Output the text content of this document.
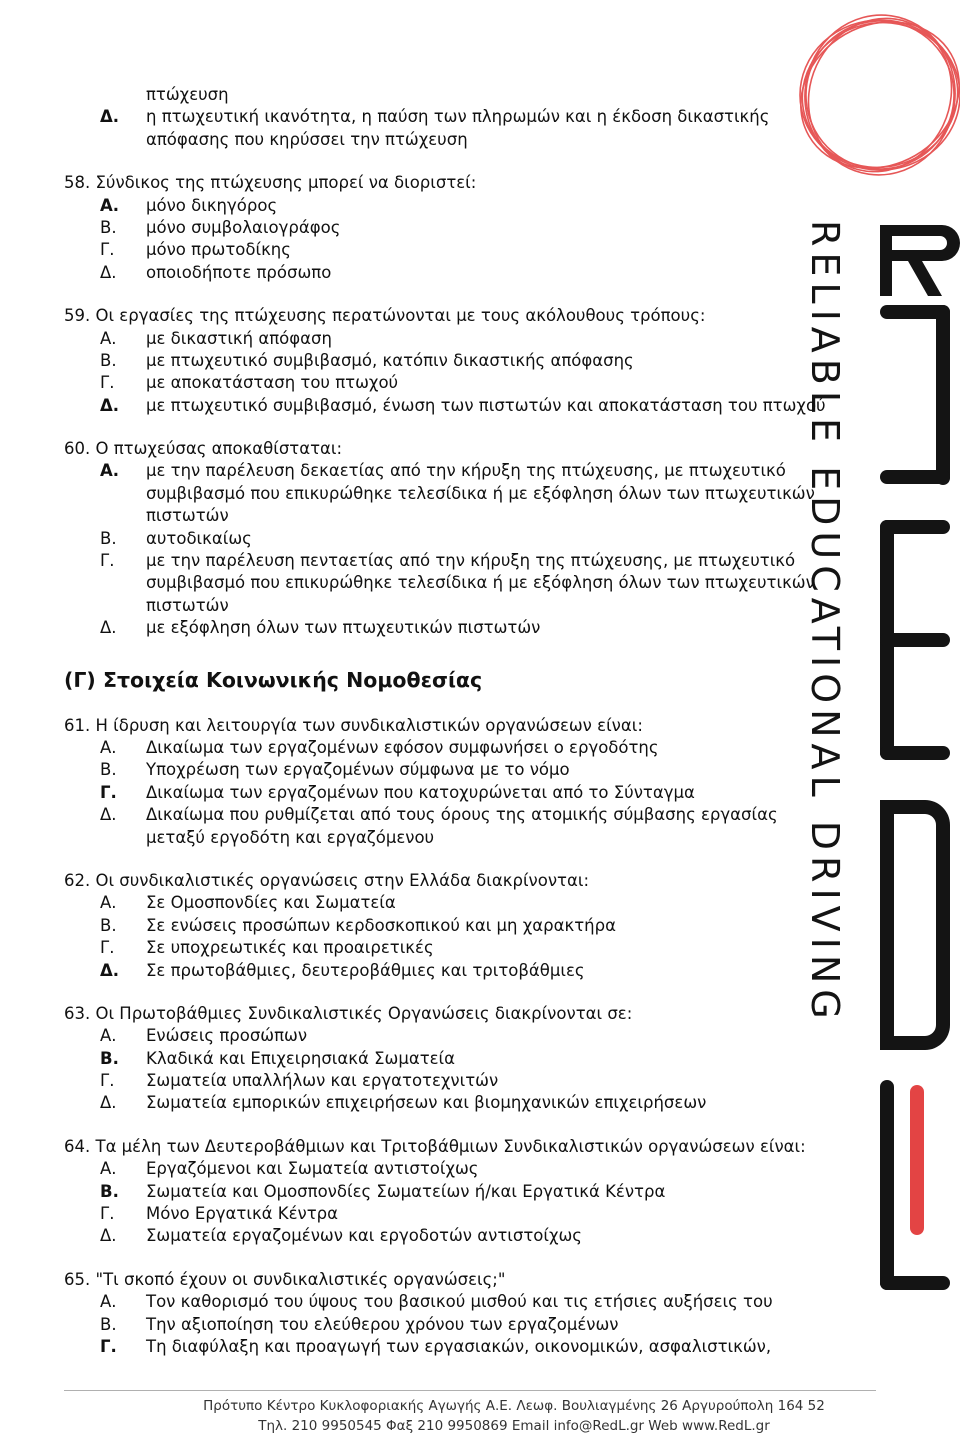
RELIABLE EDUCATIONAL DRIVING
πτώχευση
Δ. η πτωχευτική ικανότητα, η παύση των πληρωμών και η έκδοση δικαστικής
απόφασης που κηρύσσει την πτώχευση
58. Σύνδικος της πτώχευσης μπορεί να διοριστεί:
Α. μόνο δικηγόρος
Β. μόνο συμβολαιογράφος
Γ. μόνο πρωτοδίκης
Δ. οποιοδήποτε πρόσωπο
59. Οι εργασίες της πτώχευσης περατώνονται με τους ακόλουθους τρόπους:
Α. με δικαστική απόφαση
Β. με πτωχευτικό συμβιβασμό, κατόπιν δικαστικής απόφασης
Γ. με αποκατάσταση του πτωχού
Δ. με πτωχευτικό συμβιβασμό, ένωση των πιστωτών και αποκατάσταση του πτωχού
60. Ο πτωχεύσας αποκαθίσταται:
Α. με την παρέλευση δεκαετίας από την κήρυξη της πτώχευσης, με πτωχευτικό
συμβιβασμό που επικυρώθηκε τελεσίδικα ή με εξόφληση όλων των πτωχευτικών
πιστωτών
Β. αυτοδικαίως
Γ. με την παρέλευση πενταετίας από την κήρυξη της πτώχευσης, με πτωχευτικό
συμβιβασμό που επικυρώθηκε τελεσίδικα ή με εξόφληση όλων των πτωχευτικών
πιστωτών
Δ. με εξόφληση όλων των πτωχευτικών πιστωτών
(Γ) Στοιχεία Κοινωνικής Νομοθεσίας
61. Η ίδρυση και λειτουργία των συνδικαλιστικών οργανώσεων είναι:
Α. Δικαίωμα των εργαζομένων εφόσον συμφωνήσει ο εργοδότης
Β. Υποχρέωση των εργαζομένων σύμφωνα με το νόμο
Γ. Δικαίωμα των εργαζομένων που κατοχυρώνεται από το Σύνταγμα
Δ. Δικαίωμα που ρυθμίζεται από τους όρους της ατομικής σύμβασης εργασίας
μεταξύ εργοδότη και εργαζόμενου
62. Οι συνδικαλιστικές οργανώσεις στην Ελλάδα διακρίνονται:
Α. Σε Ομοσπονδίες και Σωματεία
Β. Σε ενώσεις προσώπων κερδοσκοπικού και μη χαρακτήρα
Γ. Σε υποχρεωτικές και προαιρετικές
Δ. Σε πρωτοβάθμιες, δευτεροβάθμιες και τριτοβάθμιες
63. Οι Πρωτοβάθμιες Συνδικαλιστικές Οργανώσεις διακρίνονται σε:
Α. Ενώσεις προσώπων
Β. Κλαδικά και Επιχειρησιακά Σωματεία
Γ. Σωματεία υπαλλήλων και εργατοτεχνιτών
Δ. Σωματεία εμπορικών επιχειρήσεων και βιομηχανικών επιχειρήσεων
64. Τα μέλη των Δευτεροβάθμιων και Τριτοβάθμιων Συνδικαλιστικών οργανώσεων είναι:
Α. Εργαζόμενοι και Σωματεία αντιστοίχως
Β. Σωματεία και Ομοσπονδίες Σωματείων ή/και Εργατικά Κέντρα
Γ. Μόνο Εργατικά Κέντρα
Δ. Σωματεία εργαζομένων και εργοδοτών αντιστοίχως
65. "Τι σκοπό έχουν οι συνδικαλιστικές οργανώσεις;"
Α. Τον καθορισμό του ύψους του βασικού μισθού και τις ετήσιες αυξήσεις του
Β. Την αξιοποίηση του ελεύθερου χρόνου των εργαζομένων
Γ. Τη διαφύλαξη και προαγωγή των εργασιακών, οικονομικών, ασφαλιστικών,
Πρότυπο Κέντρο Κυκλοφοριακής Αγωγής Α.Ε. Λεωφ. Βουλιαγμένης 26 Αργυρούπολη 164 52
Τηλ. 210 9950545 Φαξ 210 9950869 Email info@RedL.gr Web www.RedL.gr
